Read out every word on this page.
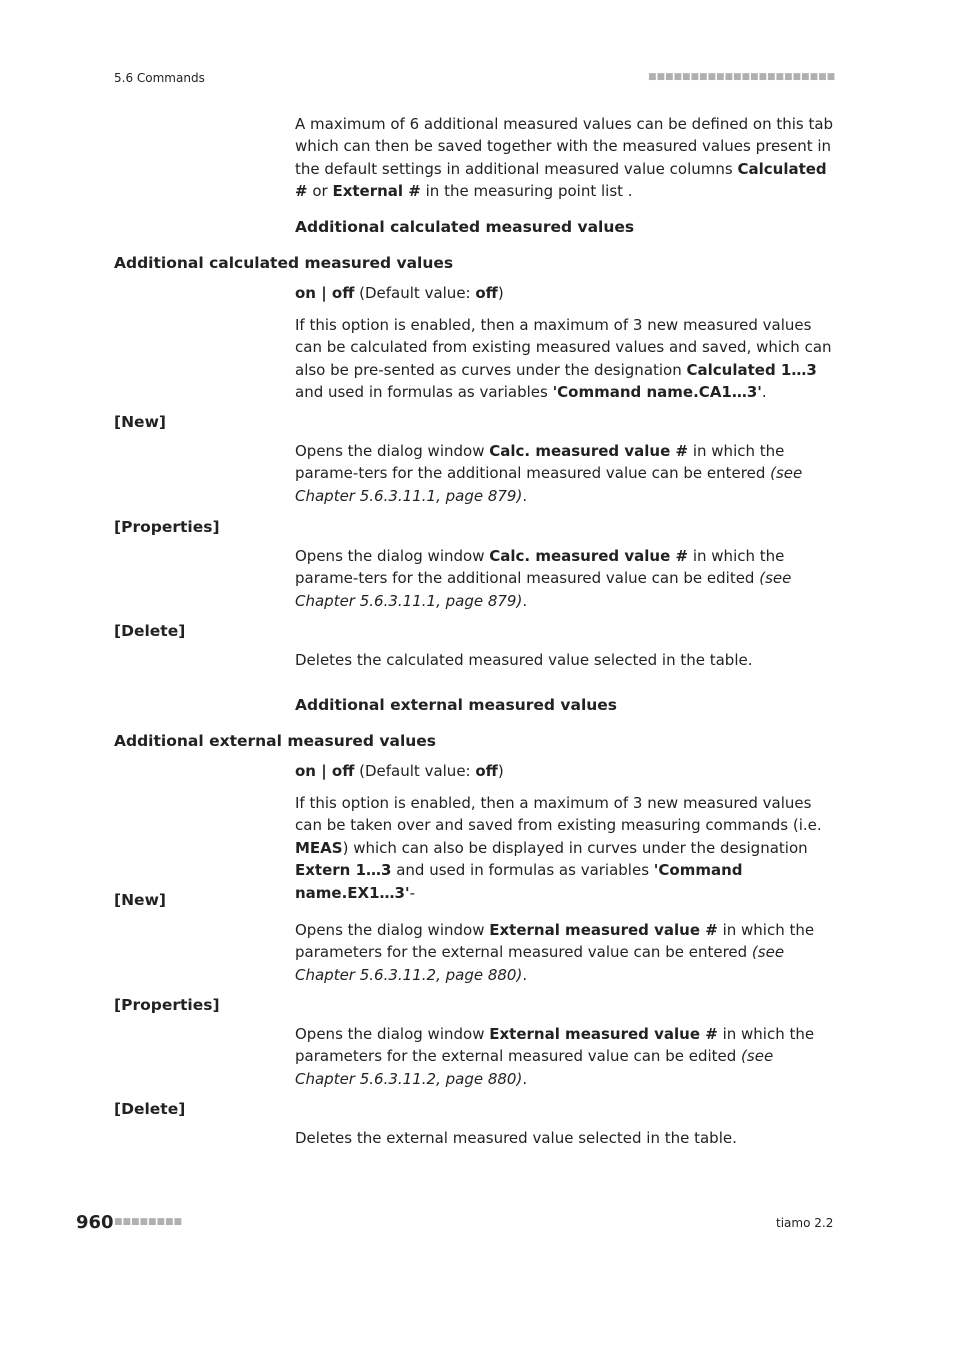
5.6 Commands	■■■■■■■■■■■■■■■■■■■■■■
A maximum of 6 additional measured values can be defined on this tab which can then be saved together with the measured values present in the default settings in additional measured value columns Calculated # or External # in the measuring point list .
Additional calculated measured values
Additional calculated measured values
on | off (Default value: off)
If this option is enabled, then a maximum of 3 new measured values can be calculated from existing measured values and saved, which can also be pre-sented as curves under the designation Calculated 1…3 and used in formulas as variables 'Command name.CA1…3'.
[New]
Opens the dialog window Calc. measured value # in which the parame-ters for the additional measured value can be entered (see Chapter 5.6.3.11.1, page 879).
[Properties]
Opens the dialog window Calc. measured value # in which the parame-ters for the additional measured value can be edited (see Chapter 5.6.3.11.1, page 879).
[Delete]
Deletes the calculated measured value selected in the table.
Additional external measured values
Additional external measured values
on | off (Default value: off)
If this option is enabled, then a maximum of 3 new measured values can be taken over and saved from existing measuring commands (i.e. MEAS) which can also be displayed in curves under the designation Extern 1…3 and used in formulas as variables 'Command name.EX1…3'-
[New]
Opens the dialog window External measured value # in which the parameters for the external measured value can be entered (see Chapter 5.6.3.11.2, page 880).
[Properties]
Opens the dialog window External measured value # in which the parameters for the external measured value can be edited (see Chapter 5.6.3.11.2, page 880).
[Delete]
Deletes the external measured value selected in the table.
960 ■■■■■■■■	tiamo 2.2
